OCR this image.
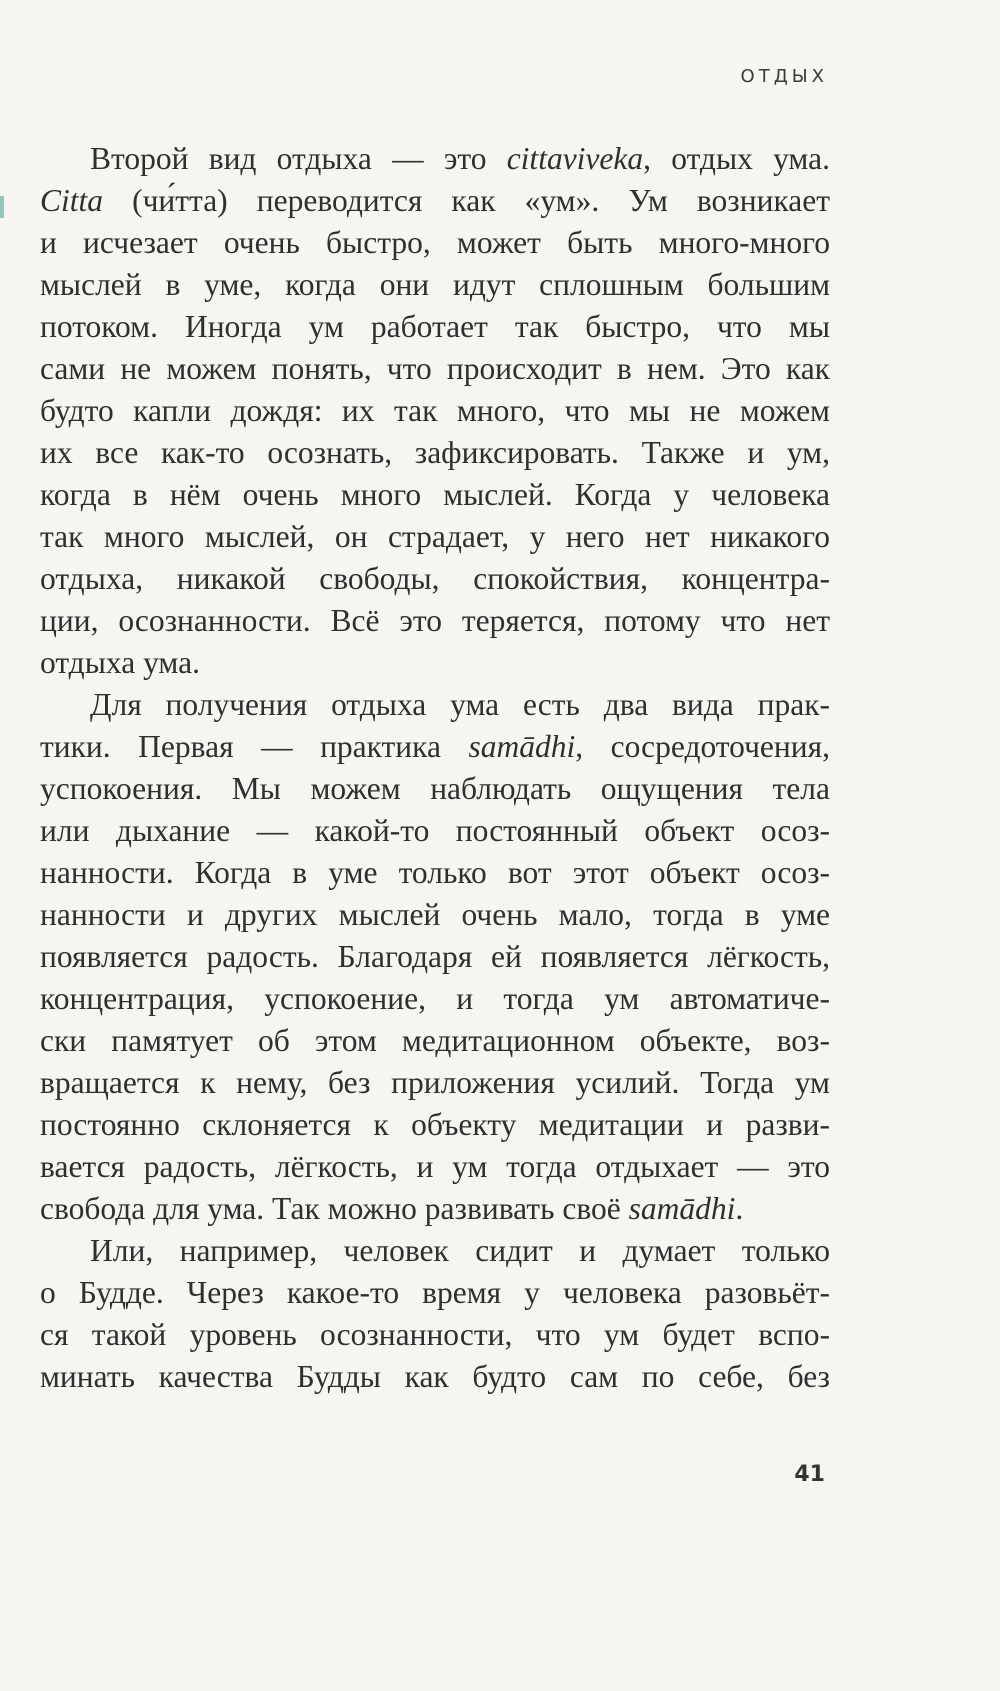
ОТДЫХ
Второй вид отдыха — это cittaviveka, отдых ума.
Citta (чи́тта) переводится как «ум». Ум возникает
и исчезает очень быстро, может быть много-много
мыслей в уме, когда они идут сплошным большим
потоком. Иногда ум работает так быстро, что мы
сами не можем понять, что происходит в нем. Это как
будто капли дождя: их так много, что мы не можем
их все как-то осознать, зафиксировать. Также и ум,
когда в нём очень много мыслей. Когда у человека
так много мыслей, он страдает, у него нет никакого
отдыха, никакой свободы, спокойствия, концентра-
ции, осознанности. Всё это теряется, потому что нет
отдыха ума.
Для получения отдыха ума есть два вида прак-
тики. Первая — практика samādhi, сосредоточения,
успокоения. Мы можем наблюдать ощущения тела
или дыхание — какой-то постоянный объект осоз-
нанности. Когда в уме только вот этот объект осоз-
нанности и других мыслей очень мало, тогда в уме
появляется радость. Благодаря ей появляется лёгкость,
концентрация, успокоение, и тогда ум автоматиче-
ски памятует об этом медитационном объекте, воз-
вращается к нему, без приложения усилий. Тогда ум
постоянно склоняется к объекту медитации и разви-
вается радость, лёгкость, и ум тогда отдыхает — это
свобода для ума. Так можно развивать своё samādhi.
Или, например, человек сидит и думает только
о Будде. Через какое-то время у человека разовьёт-
ся такой уровень осознанности, что ум будет вспо-
минать качества Будды как будто сам по себе, без
41
